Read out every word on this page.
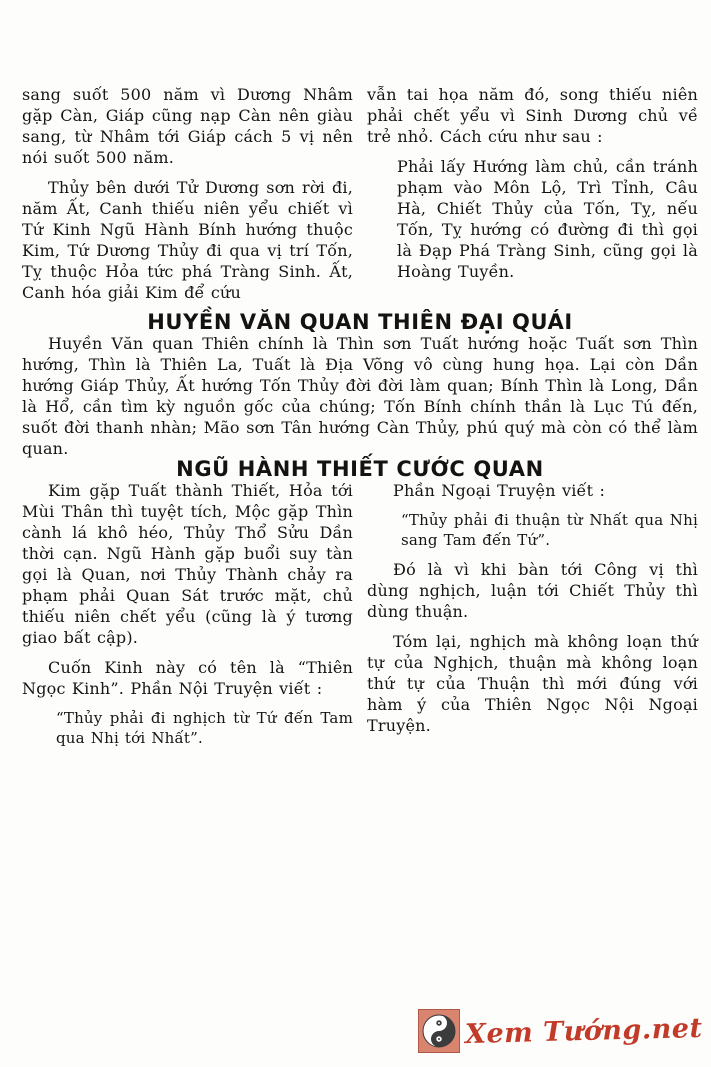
sang suốt 500 năm vì Dương Nhâm gặp Càn, Giáp cũng nạp Càn nên giàu sang, từ Nhâm tới Giáp cách 5 vị nên nói suốt 500 năm.

Thủy bên dưới Tử Dương sơn rời đi, năm Ất, Canh thiếu niên yểu chiết vì Tứ Kinh Ngũ Hành Bính hướng thuộc Kim, Tứ Dương Thủy đi qua vị trí Tốn, Tỵ thuộc Hỏa tức phá Tràng Sinh. Ất, Canh hóa giải Kim để cứu

vẫn tai họa năm đó, song thiếu niên phải chết yểu vì Sinh Dương chủ về trẻ nhỏ. Cách cứu như sau :

Phải lấy Hướng làm chủ, cần tránh phạm vào Môn Lộ, Trì Tỉnh, Câu Hà, Chiết Thủy của Tốn, Tỵ, nếu Tốn, Tỵ hướng có đường đi thì gọi là Đạp Phá Tràng Sinh, cũng gọi là Hoàng Tuyền.

HUYỀN VĂN QUAN THIÊN ĐẠI QUÁI

Huyền Văn quan Thiên chính là Thìn sơn Tuất hướng hoặc Tuất sơn Thìn hướng, Thìn là Thiên La, Tuất là Địa Võng vô cùng hung họa. Lại còn Dần hướng Giáp Thủy, Ất hướng Tốn Thủy đời đời làm quan; Bính Thìn là Long, Dần là Hổ, cần tìm kỳ nguồn gốc của chúng; Tốn Bính chính thần là Lục Tú đến, suốt đời thanh nhàn; Mão sơn Tân hướng Càn Thủy, phú quý mà còn có thể làm quan.

NGŨ HÀNH THIẾT CƯỚC QUAN

Kim gặp Tuất thành Thiết, Hỏa tới Mùi Thân thì tuyệt tích, Mộc gặp Thìn cành lá khô héo, Thủy Thổ Sửu Dần thời cạn. Ngũ Hành gặp buổi suy tàn gọi là Quan, nơi Thủy Thành chảy ra phạm phải Quan Sát trước mặt, chủ thiếu niên chết yểu (cũng là ý tương giao bất cập).

Cuốn Kinh này có tên là “Thiên Ngọc Kinh”. Phần Nội Truyện viết :

“Thủy phải đi nghịch từ Tứ đến Tam qua Nhị tới Nhất”.

Phần Ngoại Truyện viết :

“Thủy phải đi thuận từ Nhất qua Nhị sang Tam đến Tứ”.

Đó là vì khi bàn tới Công vị thì dùng nghịch, luận tới Chiết Thủy thì dùng thuận.

Tóm lại, nghịch mà không loạn thứ tự của Nghịch, thuận mà không loạn thứ tự của Thuận thì mới đúng với hàm ý của Thiên Ngọc Nội Ngoại Truyện.

Xem Tướng.net
